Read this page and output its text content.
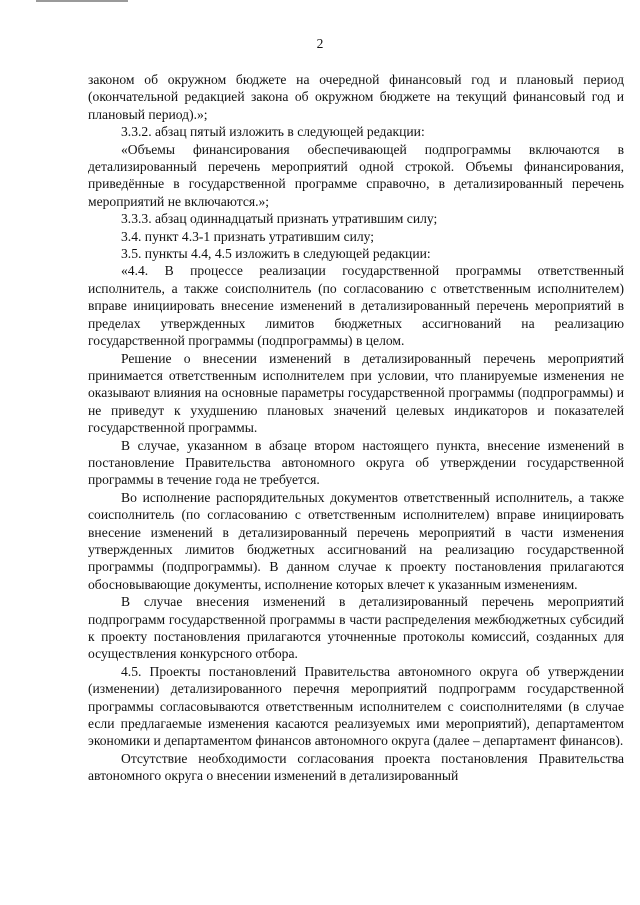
2

законом об окружном бюджете на очередной финансовый год и плановый период (окончательной редакцией закона об окружном бюджете на текущий финансовый год и плановый период).»;

3.3.2. абзац пятый изложить в следующей редакции:

«Объемы финансирования обеспечивающей подпрограммы включаются в детализированный перечень мероприятий одной строкой. Объемы финансирования, приведённые в государственной программе справочно, в детализированный перечень мероприятий не включаются.»;

3.3.3. абзац одиннадцатый признать утратившим силу;

3.4. пункт 4.3-1 признать утратившим силу;

3.5. пункты 4.4, 4.5 изложить в следующей редакции:

«4.4. В процессе реализации государственной программы ответственный исполнитель, а также соисполнитель (по согласованию с ответственным исполнителем) вправе инициировать внесение изменений в детализированный перечень мероприятий в пределах утвержденных лимитов бюджетных ассигнований на реализацию государственной программы (подпрограммы) в целом.

Решение о внесении изменений в детализированный перечень мероприятий принимается ответственным исполнителем при условии, что планируемые изменения не оказывают влияния на основные параметры государственной программы (подпрограммы) и не приведут к ухудшению плановых значений целевых индикаторов и показателей государственной программы.

В случае, указанном в абзаце втором настоящего пункта, внесение изменений в постановление Правительства автономного округа об утверждении государственной программы в течение года не требуется.

Во исполнение распорядительных документов ответственный исполнитель, а также соисполнитель (по согласованию с ответственным исполнителем) вправе инициировать внесение изменений в детализированный перечень мероприятий в части изменения утвержденных лимитов бюджетных ассигнований на реализацию государственной программы (подпрограммы). В данном случае к проекту постановления прилагаются обосновывающие документы, исполнение которых влечет к указанным изменениям.

В случае внесения изменений в детализированный перечень мероприятий подпрограмм государственной программы в части распределения межбюджетных субсидий к проекту постановления прилагаются уточненные протоколы комиссий, созданных для осуществления конкурсного отбора.

4.5. Проекты постановлений Правительства автономного округа об утверждении (изменении) детализированного перечня мероприятий подпрограмм государственной программы согласовываются ответственным исполнителем с соисполнителями (в случае если предлагаемые изменения касаются реализуемых ими мероприятий), департаментом экономики и департаментом финансов автономного округа (далее – департамент финансов).

Отсутствие необходимости согласования проекта постановления Правительства автономного округа о внесении изменений в детализированный
